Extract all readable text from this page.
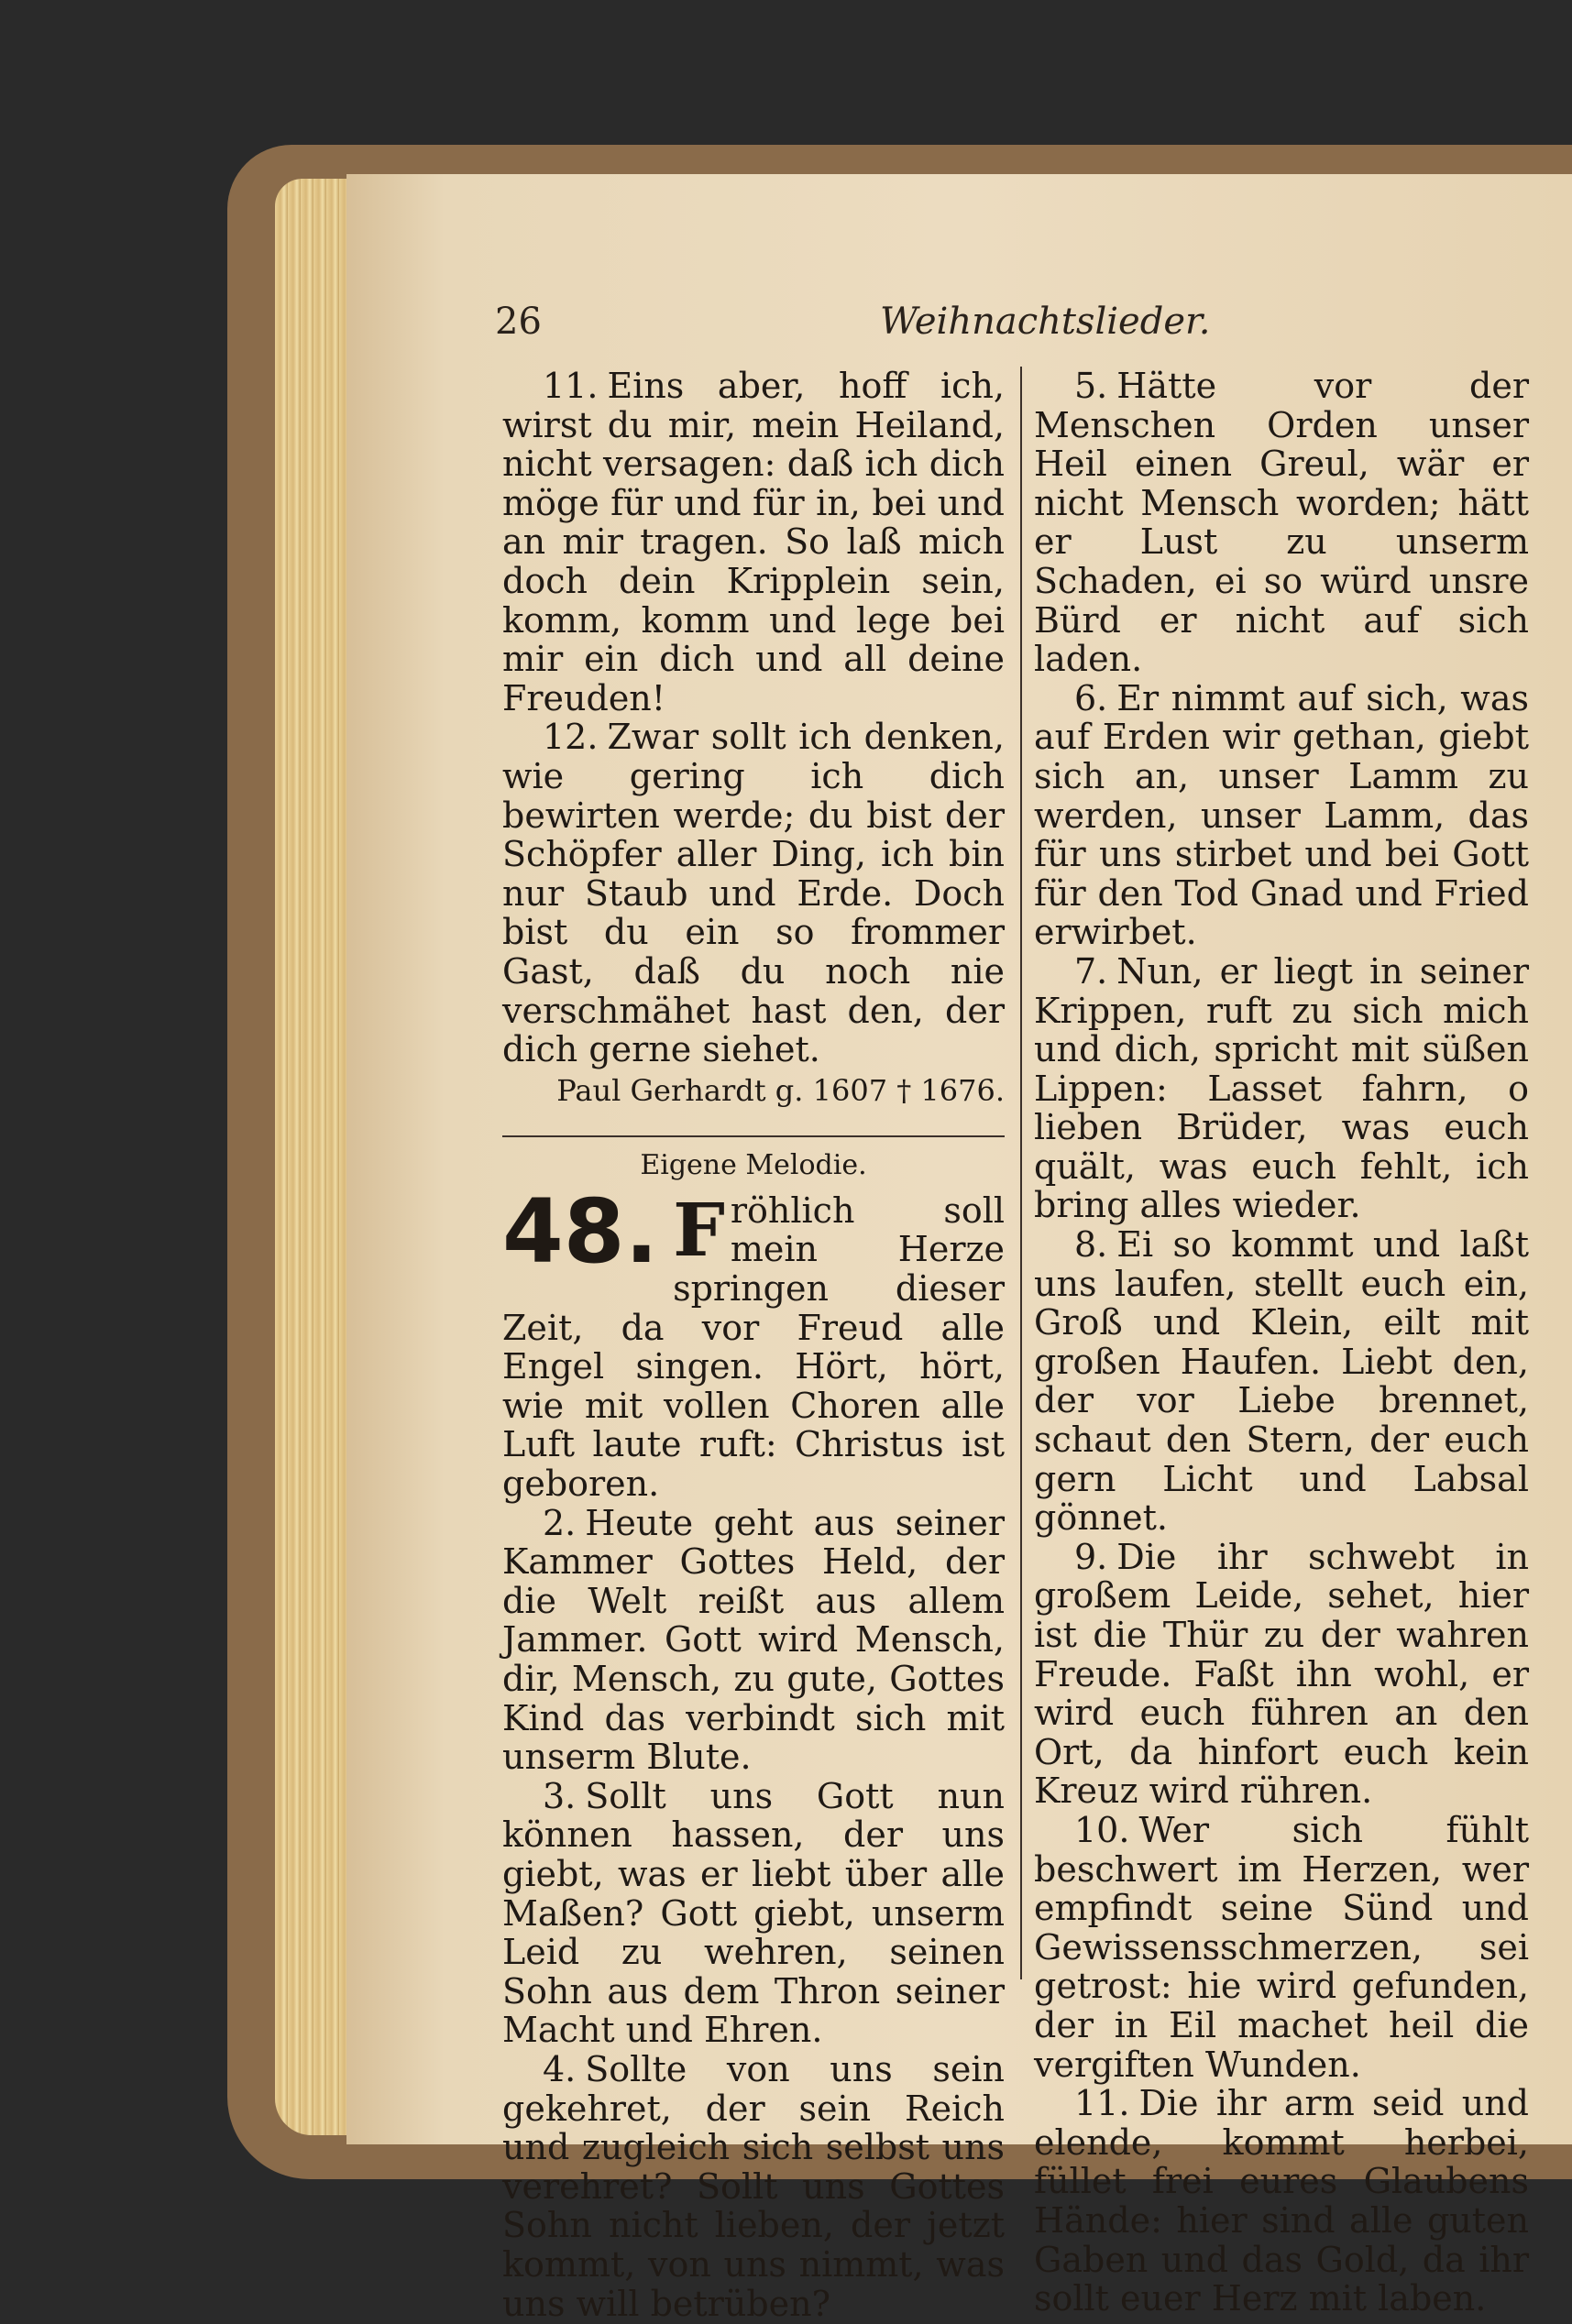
26	Weihnachtslieder.

11. Eins aber, hoff ich, wirst du mir, mein Heiland, nicht versagen: daß ich dich möge für und für in, bei und an mir tragen. So laß mich doch dein Kripplein sein, komm, komm und lege bei mir ein dich und all deine Freuden!

12. Zwar sollt ich denken, wie gering ich dich bewirten werde; du bist der Schöpfer aller Ding, ich bin nur Staub und Erde. Doch bist du ein so frommer Gast, daß du noch nie verschmähet hast den, der dich gerne siehet.

Paul Gerhardt g. 1607 † 1676.
Eigene Melodie.
48. F röhlich soll mein Herze springen dieser Zeit, da vor Freud alle Engel singen. Hört, hört, wie mit vollen Choren alle Luft laute ruft: Christus ist geboren.

2. Heute geht aus seiner Kammer Gottes Held, der die Welt reißt aus allem Jammer. Gott wird Mensch, dir, Mensch, zu gute, Gottes Kind das verbindt sich mit unserm Blute.

3. Sollt uns Gott nun können hassen, der uns giebt, was er liebt über alle Maßen? Gott giebt, unserm Leid zu wehren, seinen Sohn aus dem Thron seiner Macht und Ehren.

4. Sollte von uns sein gekehret, der sein Reich und zugleich sich selbst uns verehret? Sollt uns Gottes Sohn nicht lieben, der jetzt kommt, von uns nimmt, was uns will betrüben?

5. Hätte vor der Menschen Orden unser Heil einen Greul, wär er nicht Mensch worden; hätt er Lust zu unserm Schaden, ei so würd unsre Bürd er nicht auf sich laden.

6. Er nimmt auf sich, was auf Erden wir gethan, giebt sich an, unser Lamm zu werden, unser Lamm, das für uns stirbet und bei Gott für den Tod Gnad und Fried erwirbet.

7. Nun, er liegt in seiner Krippen, ruft zu sich mich und dich, spricht mit süßen Lippen: Lasset fahrn, o lieben Brüder, was euch quält, was euch fehlt, ich bring alles wieder.

8. Ei so kommt und laßt uns laufen, stellt euch ein, Groß und Klein, eilt mit großen Haufen. Liebt den, der vor Liebe brennet, schaut den Stern, der euch gern Licht und Labsal gönnet.

9. Die ihr schwebt in großem Leide, sehet, hier ist die Thür zu der wahren Freude. Faßt ihn wohl, er wird euch führen an den Ort, da hinfort euch kein Kreuz wird rühren.

10. Wer sich fühlt beschwert im Herzen, wer empfindt seine Sünd und Gewissensschmerzen, sei getrost: hie wird gefunden, der in Eil machet heil die vergiften Wunden.

11. Die ihr arm seid und elende, kommt herbei, füllet frei eures Glaubens Hände: hier sind alle guten Gaben und das Gold, da ihr sollt euer Herz mit laben.
